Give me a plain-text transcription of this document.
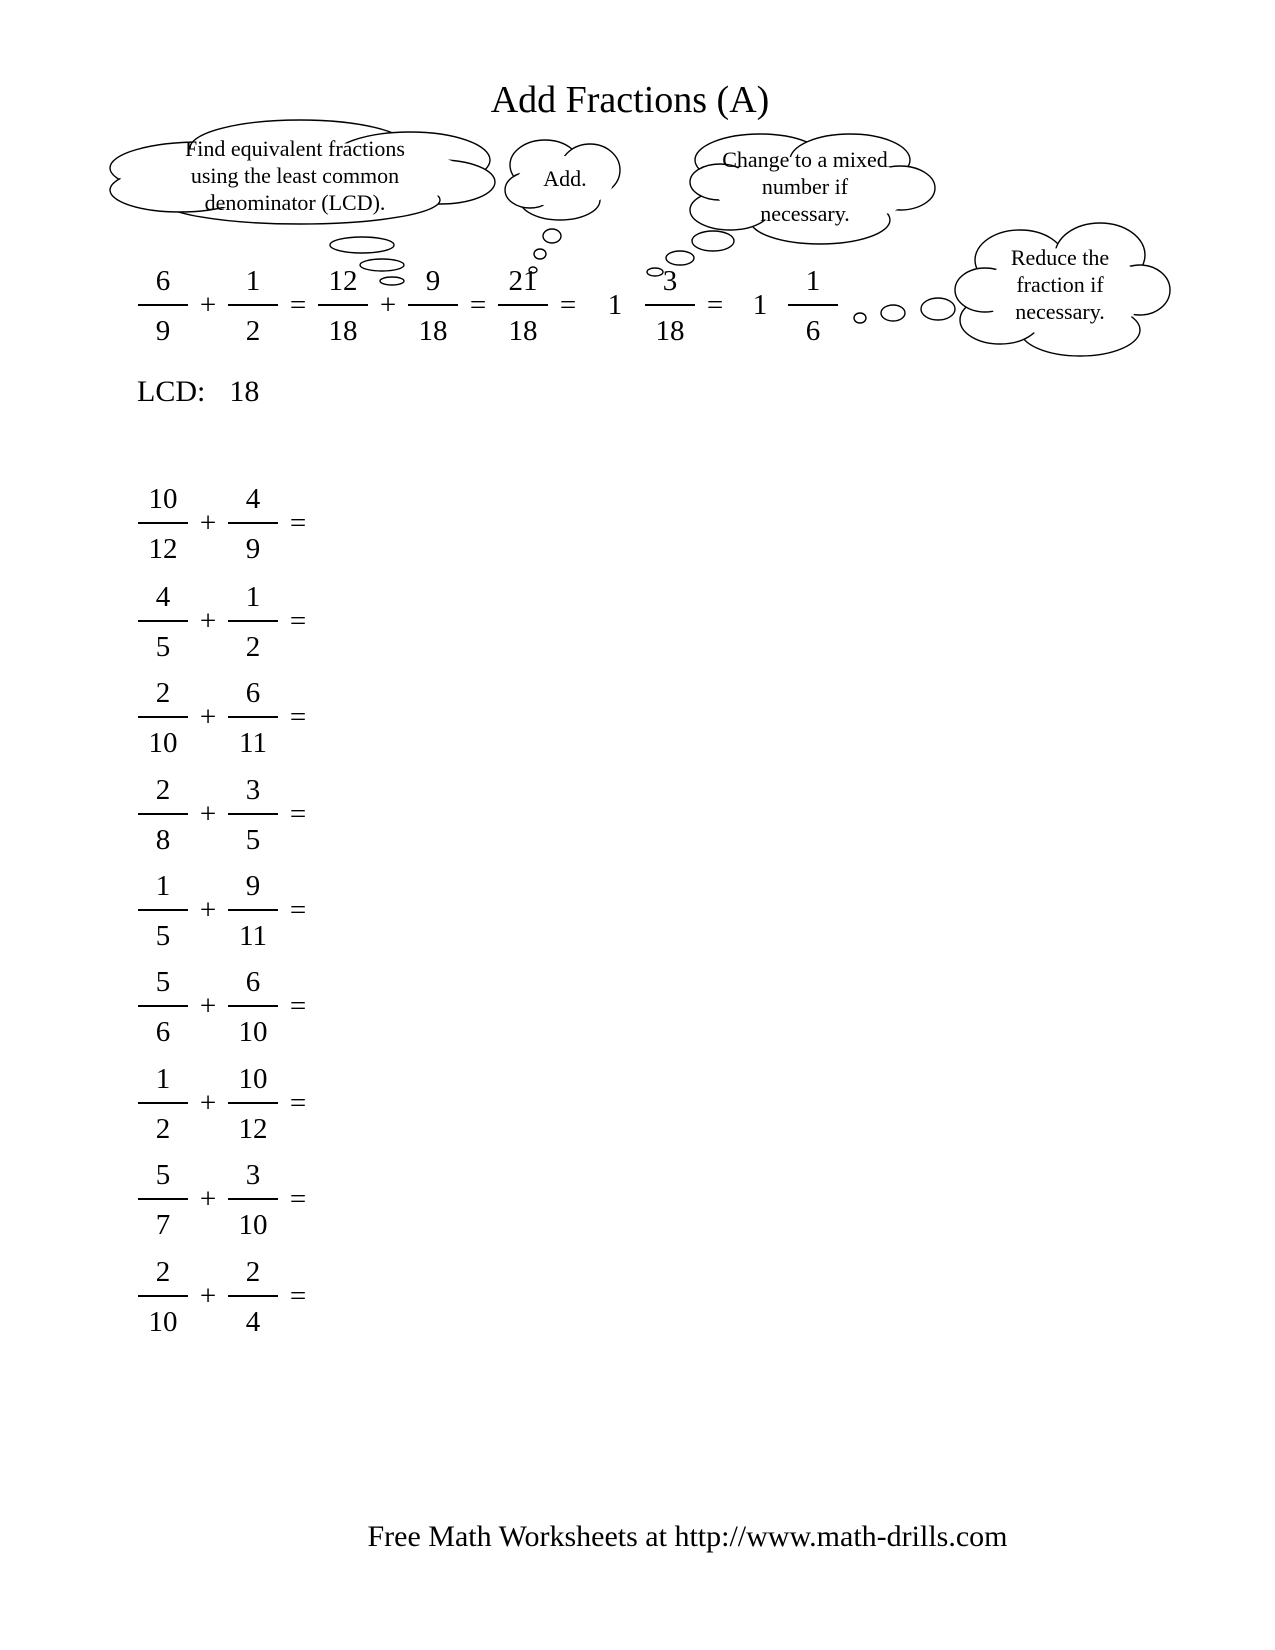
Add Fractions (A)
Find equivalent fractions using the least common denominator (LCD).
Add.
Change to a mixed number if necessary.
Reduce the fraction if necessary.
6
9
+
1
2
=
12
18
+
9
18
=
21
18
=	1
3
18
=	1
1
6
LCD: 18
10
12
+
4
9
=
4
5
+
1
2
=
2
10
+
6
11
=
2
8
+
3
5
=
1
5
+
9
11
=
5
6
+
6
10
=
1
2
+
10
12
=
5
7
+
3
10
=
2
10
+
2
4
=
Free Math Worksheets at http://www.math-drills.com
